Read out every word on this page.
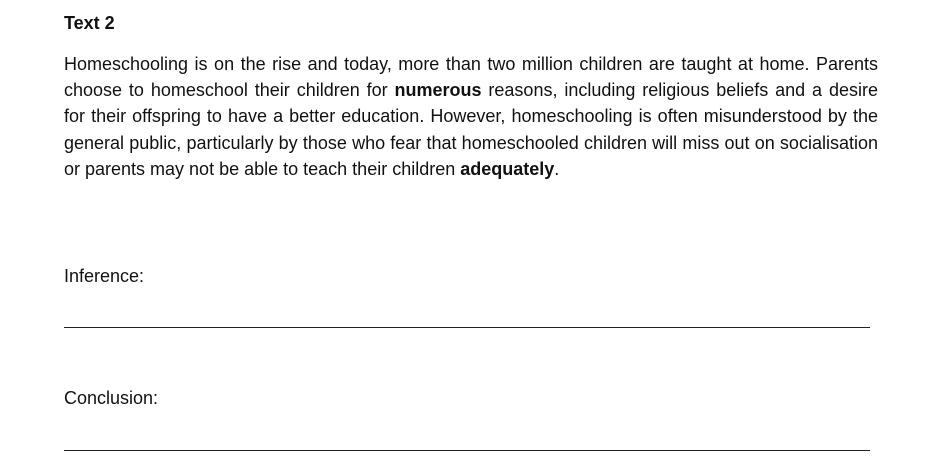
Text 2

Homeschooling is on the rise and today, more than two million children are taught at home. Parents choose to homeschool their children for numerous reasons, including religious beliefs and a desire for their offspring to have a better education. However, homeschooling is often misunderstood by the general public, particularly by those who fear that homeschooled children will miss out on socialisation or parents may not be able to teach their children adequately.

Inference:

Conclusion:
